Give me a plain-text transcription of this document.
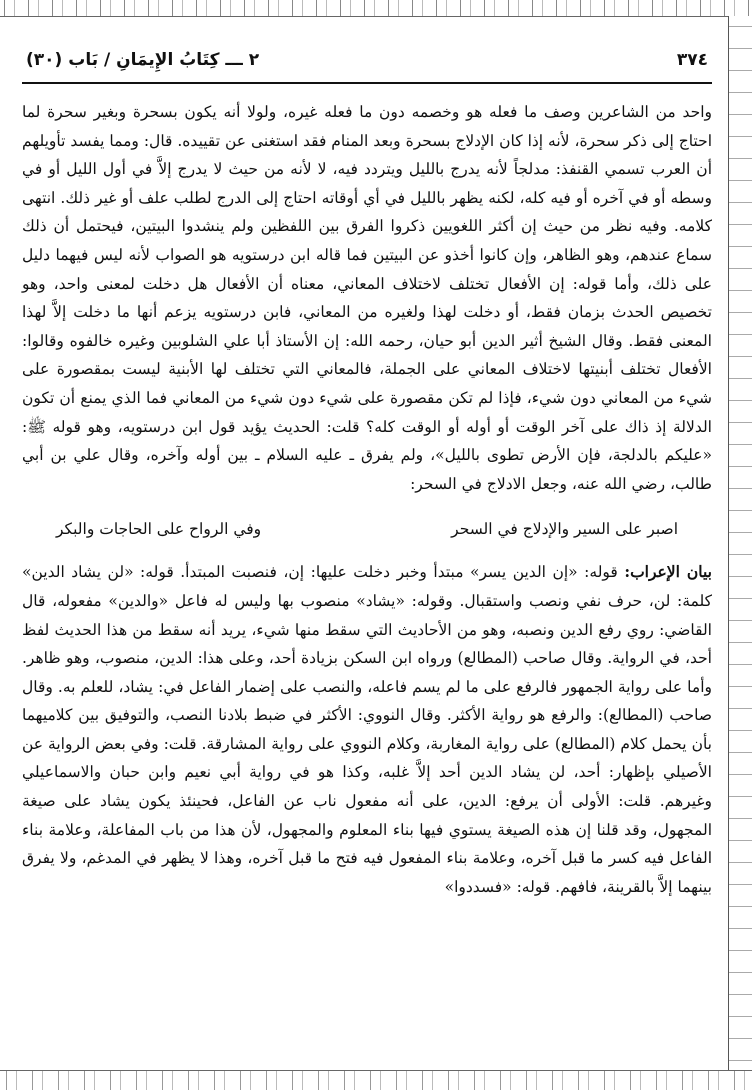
٣٧٤
٢ ـــ كِتَابُ الإِيمَانِ / بَاب (٣٠)

واحد من الشاعرين وصف ما فعله هو وخصمه دون ما فعله غيره، ولولا أنه يكون بسحرة وبغير سحرة لما احتاج إلى ذكر سحرة، لأنه إذا كان الإدلاج بسحرة وبعد المنام فقد استغنى عن تقييده. قال: ومما يفسد تأويلهم أن العرب تسمي القنفذ: مدلجاً لأنه يدرج بالليل ويتردد فيه، لا لأنه من حيث لا يدرج إلاَّ في أول الليل أو في وسطه أو في آخره أو فيه كله، لكنه يظهر بالليل في أي أوقاته احتاج إلى الدرج لطلب علف أو غير ذلك. انتهى كلامه. وفيه نظر من حيث إن أكثر اللغويين ذكروا الفرق بين اللفظين ولم ينشدوا البيتين، فيحتمل أن ذلك سماع عندهم، وهو الظاهر، وإن كانوا أخذو عن البيتين فما قاله ابن درستويه هو الصواب لأنه ليس فيهما دليل على ذلك، وأما قوله: إن الأفعال تختلف لاختلاف المعاني، معناه أن الأفعال هل دخلت لمعنى واحد، وهو تخصيص الحدث بزمان فقط، أو دخلت لهذا ولغيره من المعاني، فابن درستويه يزعم أنها ما دخلت إلاَّ لهذا المعنى فقط. وقال الشيخ أثير الدين أبو حيان، رحمه الله: إن الأستاذ أبا علي الشلوبين وغيره خالفوه وقالوا: الأفعال تختلف أبنيتها لاختلاف المعاني على الجملة، فالمعاني التي تختلف لها الأبنية ليست بمقصورة على شيء من المعاني دون شيء، فإذا لم تكن مقصورة على شيء دون شيء من المعاني فما الذي يمنع أن تكون الدلالة إذ ذاك على آخر الوقت أو أوله أو الوقت كله؟ قلت: الحديث يؤيد قول ابن درستويه، وهو قوله ﷺ: «عليكم بالدلجة، فإن الأرض تطوى بالليل»، ولم يفرق ـ عليه السلام ـ بين أوله وآخره، وقال علي بن أبي طالب، رضي الله عنه، وجعل الادلاج في السحر:

اصبر على السير والإدلاج في السحر
وفي الرواح على الحاجات والبكر

بيان الإعراب: قوله: «إن الدين يسر» مبتدأ وخبر دخلت عليها: إن، فنصبت المبتدأ. قوله: «لن يشاد الدين» كلمة: لن، حرف نفي ونصب واستقبال. وقوله: «يشاد» منصوب بها وليس له فاعل «والدين» مفعوله، قال القاضي: روي رفع الدين ونصبه، وهو من الأحاديث التي سقط منها شيء، يريد أنه سقط من هذا الحديث لفظ أحد، في الرواية. وقال صاحب (المطالع) ورواه ابن السكن بزيادة أحد، وعلى هذا: الدين، منصوب، وهو ظاهر. وأما على رواية الجمهور فالرفع على ما لم يسم فاعله، والنصب على إضمار الفاعل في: يشاد، للعلم به. وقال صاحب (المطالع): والرفع هو رواية الأكثر. وقال النووي: الأكثر في ضبط بلادنا النصب، والتوفيق بين كلاميهما بأن يحمل كلام (المطالع) على رواية المغاربة، وكلام النووي على رواية المشارقة. قلت: وفي بعض الرواية عن الأصيلي بإظهار: أحد، لن يشاد الدين أحد إلاَّ غلبه، وكذا هو في رواية أبي نعيم وابن حبان والاسماعيلي وغيرهم. قلت: الأولى أن يرفع: الدين، على أنه مفعول ناب عن الفاعل، فحينئذ يكون يشاد على صيغة المجهول، وقد قلنا إن هذه الصيغة يستوي فيها بناء المعلوم والمجهول، لأن هذا من باب المفاعلة، وعلامة بناء الفاعل فيه كسر ما قبل آخره، وعلامة بناء المفعول فيه فتح ما قبل آخره، وهذا لا يظهر في المدغم، ولا يفرق بينهما إلاَّ بالقرينة، فافهم. قوله: «فسددوا»
